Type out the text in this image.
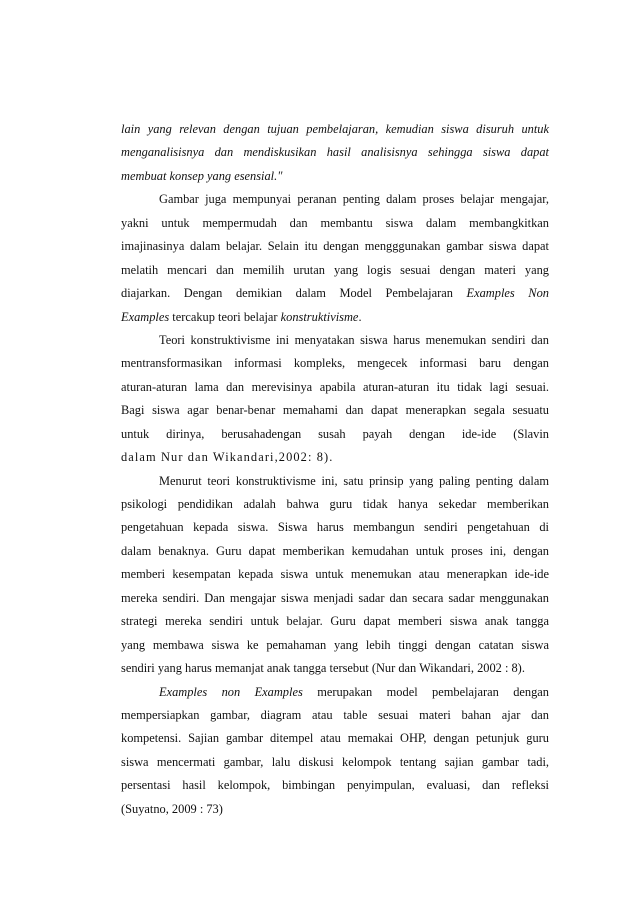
lain yang relevan dengan tujuan pembelajaran, kemudian siswa disuruh untuk
menganalisisnya dan mendiskusikan hasil analisisnya sehingga siswa dapat
membuat konsep yang esensial."
Gambar juga mempunyai peranan penting dalam proses belajar mengajar,
yakni untuk mempermudah dan membantu siswa dalam membangkitkan
imajinasinya dalam belajar. Selain itu dengan mengggunakan gambar siswa dapat
melatih mencari dan memilih urutan yang logis sesuai dengan materi yang
diajarkan. Dengan demikian dalam Model Pembelajaran Examples Non
Examples tercakup teori belajar konstruktivisme.
Teori konstruktivisme ini menyatakan siswa harus menemukan sendiri dan
mentransformasikan informasi kompleks, mengecek informasi baru dengan
aturan-aturan lama dan merevisinya apabila aturan-aturan itu tidak lagi sesuai.
Bagi siswa agar benar-benar memahami dan dapat menerapkan segala sesuatu
untuk dirinya, berusahadengan susah payah dengan ide-ide (Slavin
dalam Nur dan Wikandari,2002: 8).
Menurut teori konstruktivisme ini, satu prinsip yang paling penting dalam
psikologi pendidikan adalah bahwa guru tidak hanya sekedar memberikan
pengetahuan kepada siswa. Siswa harus membangun sendiri pengetahuan di
dalam benaknya. Guru dapat memberikan kemudahan untuk proses ini, dengan
memberi kesempatan kepada siswa untuk menemukan atau menerapkan ide-ide
mereka sendiri. Dan mengajar siswa menjadi sadar dan secara sadar menggunakan
strategi mereka sendiri untuk belajar. Guru dapat memberi siswa anak tangga
yang membawa siswa ke pemahaman yang lebih tinggi dengan catatan siswa
sendiri yang harus memanjat anak tangga tersebut (Nur dan Wikandari, 2002 : 8).
Examples non Examples merupakan model pembelajaran dengan
mempersiapkan gambar, diagram atau table sesuai materi bahan ajar dan
kompetensi. Sajian gambar ditempel atau memakai OHP, dengan petunjuk guru
siswa mencermati gambar, lalu diskusi kelompok tentang sajian gambar tadi,
persentasi hasil kelompok, bimbingan penyimpulan, evaluasi, dan refleksi
(Suyatno, 2009 : 73)
